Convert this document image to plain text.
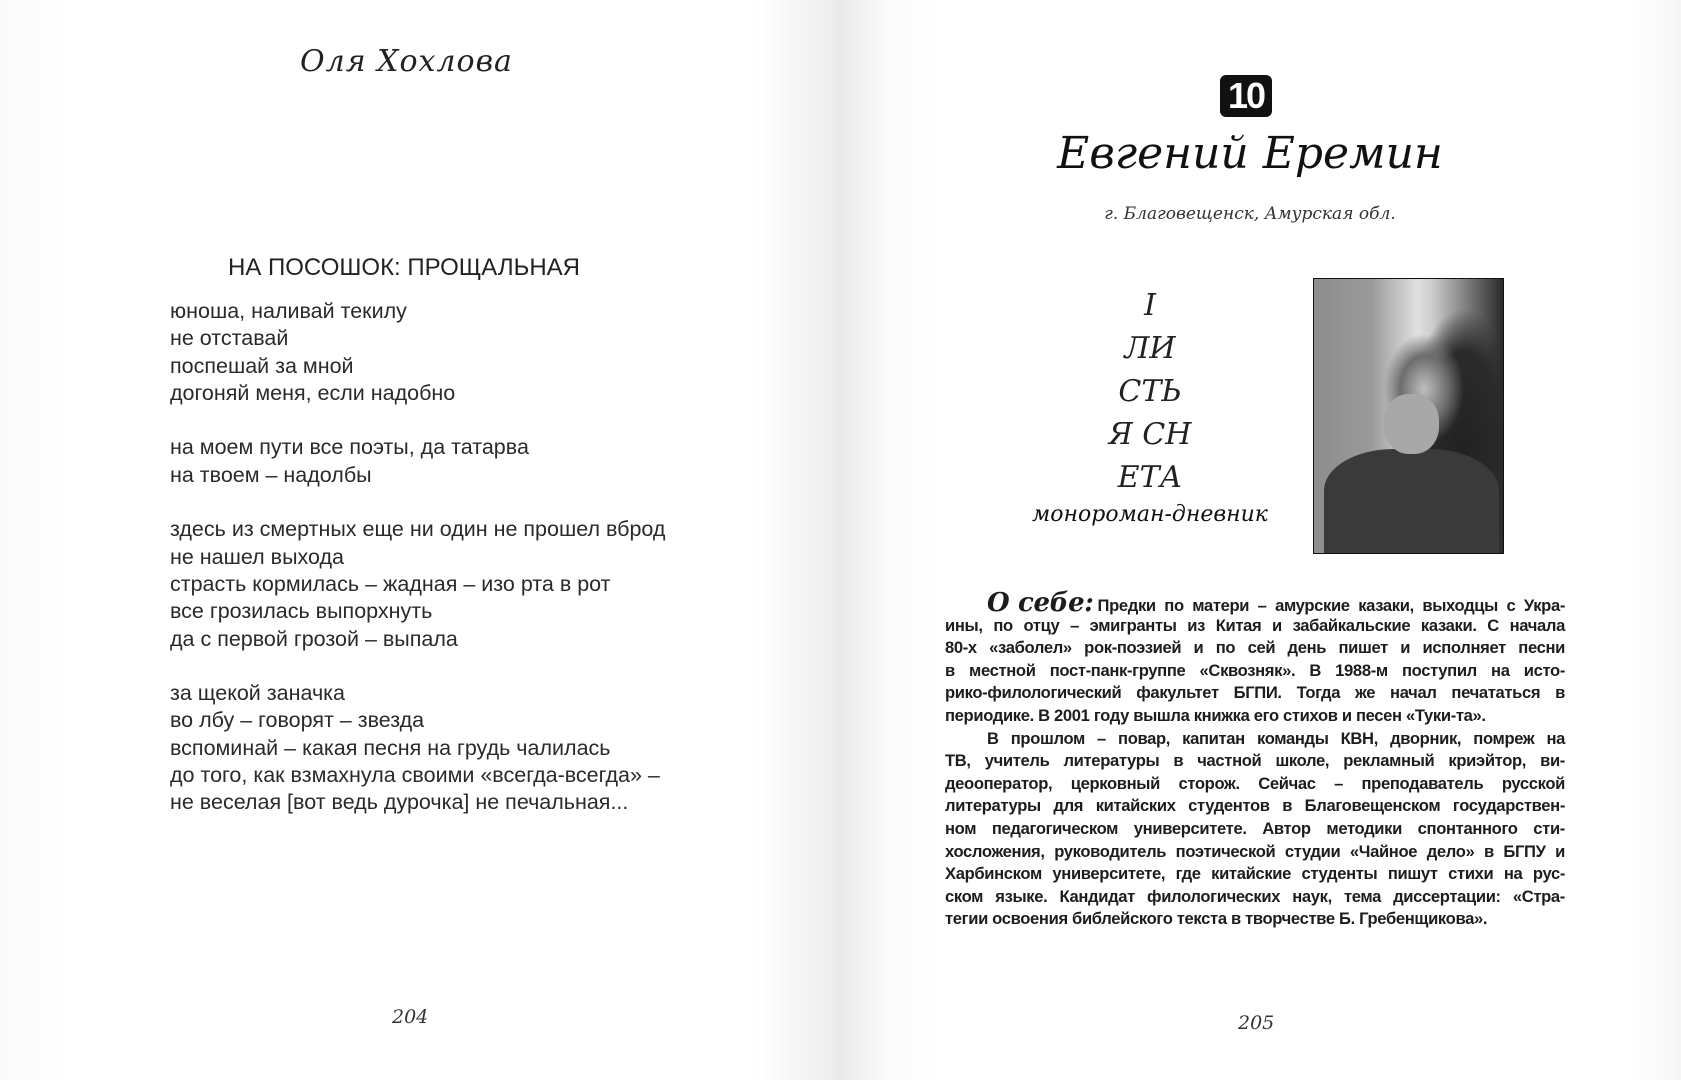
Оля Хохлова
НА ПОСОШОК: ПРОЩАЛЬНАЯ
юноша, наливай текилу
не отставай
поспешай за мной
догоняй меня, если надобно
на моем пути все поэты, да татарва
на твоем – надолбы
здесь из смертных еще ни один не прошел вброд
не нашел выхода
страсть кормилась – жадная – изо рта в рот
все грозилась выпорхнуть
да с первой грозой – выпала
за щекой заначка
во лбу – говорят – звезда
вспоминай – какая песня на грудь чалилась
до того, как взмахнула своими «всегда-всегда» –
не веселая [вот ведь дурочка] не печальная...
204
10
Евгений Еремин
г. Благовещенск, Амурская обл.
I
ЛИ
СТЬ
Я СН
ЕТА
монороман-дневник
О себе: Предки по матери – амурские казаки, выходцы с Укра-
ины, по отцу – эмигранты из Китая и забайкальские казаки. С начала
80-х «заболел» рок-поэзией и по сей день пишет и исполняет песни
в местной пост-панк-группе «Сквозняк». В 1988-м поступил на исто-
рико-филологический факультет БГПИ. Тогда же начал печататься в
периодике. В 2001 году вышла книжка его стихов и песен «Туки-та».
В прошлом – повар, капитан команды КВН, дворник, помреж на
ТВ, учитель литературы в частной школе, рекламный криэйтор, ви-
деооператор, церковный сторож. Сейчас – преподаватель русской
литературы для китайских студентов в Благовещенском государствен-
ном педагогическом университете. Автор методики спонтанного сти-
хосложения, руководитель поэтической студии «Чайное дело» в БГПУ и
Харбинском университете, где китайские студенты пишут стихи на рус-
ском языке. Кандидат филологических наук, тема диссертации: «Стра-
тегии освоения библейского текста в творчестве Б. Гребенщикова».
205
